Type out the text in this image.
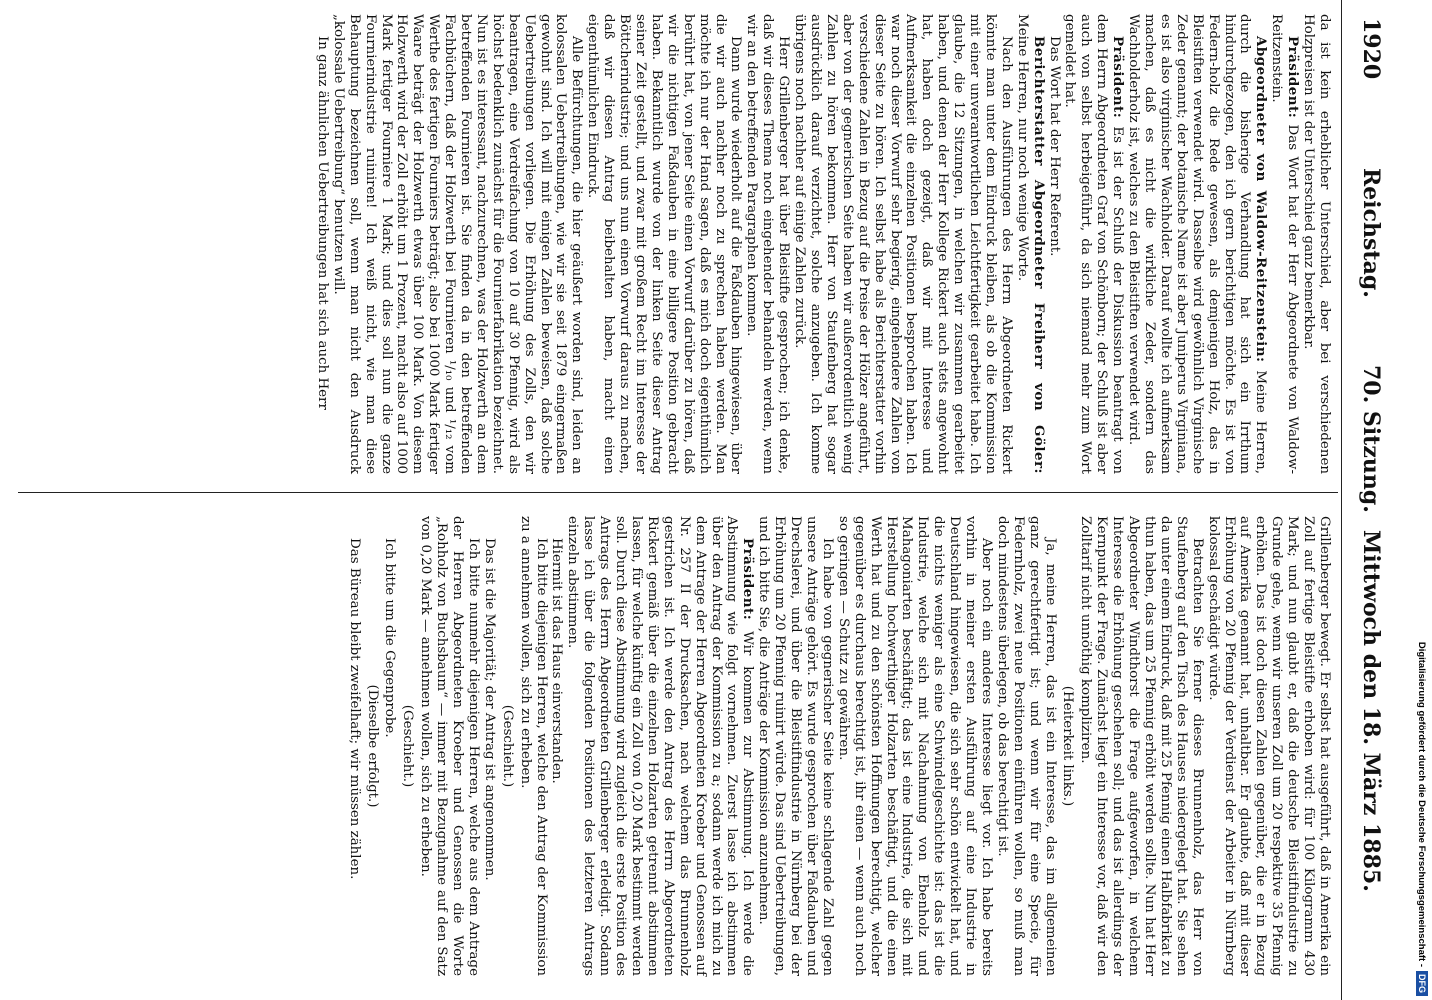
1920
Reichstag.
70. Sitzung.
Mittwoch den 18. März 1885.

da ist kein erheblicher Unterschied, aber bei verschiedenen Holzpreisen ist der Unterschied ganz bemerkbar.

Präsident: Das Wort hat der Herr Abgeordnete von Waldow-Reitzenstein.

Abgeordneter von Waldow-Reitzenstein: Meine Herren, durch die bisherige Verhandlung hat sich ein Irrthum hindurchgezogen, den ich gern berichtigen möchte. Es ist von Federn-holz die Rede gewesen, als demjenigen Holz, das in Bleistiften verwendet wird. Dasselbe wird gewöhnlich Virginische Zeder genannt; der botanische Name ist aber Juniperus Virginiana, es ist also virginischer Wachholder. Darauf wollte ich aufmerksam machen, daß es nicht die wirkliche Zeder, sondern das Wachholderholz ist, welches zu den Bleistiften verwendet wird.

Präsident: Es ist der Schluß der Diskussion beantragt von dem Herrn Abgeordneten Graf von Schönborn; der Schluß ist aber auch von selbst herbeigeführt, da sich niemand mehr zum Wort gemeldet hat.

Das Wort hat der Herr Referent.

Berichterstatter Abgeordneter Freiherr von Göler: Meine Herren, nur noch wenige Worte.

Nach den Ausführungen des Herrn Abgeordneten Rickert könnte man unter dem Eindruck bleiben, als ob die Kommission mit einer unverantwortlichen Leichtfertigkeit gearbeitet habe. Ich glaube, die 12 Sitzungen, in welchen wir zusammen gearbeitet haben, und denen der Herr Kollege Rickert auch stets angewohnt hat, haben doch gezeigt, daß wir mit Interesse und Aufmerksamkeit die einzelnen Positionen besprochen haben. Ich war noch dieser Vorwurf sehr begierig, eingehendere Zahlen von dieser Seite zu hören. Ich selbst habe als Berichterstatter vorhin verschiedene Zahlen in Bezug auf die Preise der Hölzer angeführt, aber von der gegnerischen Seite haben wir außerordentlich wenig Zahlen zu hören bekommen. Herr von Staufenberg hat sogar ausdrücklich darauf verzichtet, solche anzugeben. Ich komme übrigens noch nachher auf einige Zahlen zurück.

Herr Grillenberger hat über Bleistifte gesprochen; ich denke, daß wir dieses Thema noch eingehender behandeln werden, wenn wir an den betreffenden Paragraphen kommen.

Dann wurde wiederholt auf die Faßdauben hingewiesen, über die wir auch nachher noch zu sprechen haben werden. Man möchte ich nur der Hand sagen, daß es mich doch eigenthümlich berührt hat, von jener Seite einen Vorwurf darüber zu hören, daß wir die nichtigen Faßdauben in eine billigere Position gebracht haben. Bekanntlich wurde von der linken Seite dieser Antrag seiner Zeit gestellt, und zwar mit großem Recht im Interesse der Böttcherindustrie; und uns nun einen Vorwurf daraus zu machen, daß wir diesen Antrag beibehalten haben, macht einen eigenthümlichen Eindruck.

Alle Befürchtungen, die hier geäußert worden sind, leiden an kolossalen Uebertreibungen, wie wir sie seit 1879 eingermaßen gewohnt sind. Ich will mit einigen Zahlen beweisen, daß solche Uebertreibungen vorliegen. Die Erhöhung des Zolls, den wir beantragen, eine Verdreifachung von 10 auf 30 Pfennig, wird als höchst bedenklich zunächst für die Fournierfabrikation bezeichnet. Nun ist es interessant, nachzurechnen, was der Holzwerth an dem betreffenden Fournieren ist. Sie finden da in den betreffenden Fachbüchern, daß der Holzwerth bei Fournieren ¹/₁₀ und ¹/₁₂ vom Werthe des fertigen Fourniers beträgt; also bei 1000 Mark fertiger Waare beträgt der Holzwerth etwas über 100 Mark. Von diesem Holzwerth wird der Zoll erhöht um 1 Prozent, macht also auf 1000 Mark fertiger Fourniere 1 Mark; und dies soll nun die ganze Fournierindustrie ruiniren! Ich weiß nicht, wie man diese Behauptung bezeichnen soll, wenn man nicht den Ausdruck „kolossale Uebertreibung“ benutzen will.

In ganz ähnlichen Uebertreibungen hat sich auch Herr

Grillenberger bewegt. Er selbst hat ausgeführt, daß in Amerika ein Zoll auf fertige Bleistifte erhoben wird: für 100 Kilogramm 430 Mark; und nun glaubt er, daß die deutsche Bleistiftindustrie zu Grunde gehe, wenn wir unseren Zoll um 20 respektive 35 Pfennig erhöhen. Das ist doch diesen Zahlen gegenüber, die er in Bezug auf Amerika genannt hat, unhaltbar. Er glaubte, daß mit dieser Erhöhung von 20 Pfennig der Verdienst der Arbeiter in Nürnberg kolossal geschädigt würde.

Betrachten Sie ferner dieses Brunnenholz, das Herr von Staufenberg auf den Tisch des Hauses niedergelegt hat. Sie sehen da unter einem Eindruck, daß mit 25 Pfennig einen Halbfabrikat zu thun haben, das um 25 Pfennig erhöht werden sollte. Nun hat Herr Abgeordneter Windthorst die Frage aufgeworfen, in welchem Interesse die Erhöhung geschehen soll; und das ist allerdings der Kernpunkt der Frage. Zunächst liegt ein Interesse vor, daß wir den Zolltarif nicht unnöthig kompliziren.

(Heiterkeit links.)

Ja, meine Herren, das ist ein Interesse, das im allgemeinen ganz gerechtfertigt ist; und wenn wir für eine Specie, für Federnholz, zwei neue Positionen einführen wollen, so muß man doch mindestens überlegen, ob das berechtigt ist.

Aber noch ein anderes Interesse liegt vor. Ich habe bereits vorhin in meiner ersten Ausführung auf eine Industrie in Deutschland hingewiesen, die sich sehr schön entwickelt hat, und die nichts weniger als eine Schwindelgeschichte ist: das ist die Industrie, welche sich mit Nachahmung von Ebenholz und Mahagoniarten beschäftigt; das ist eine Industrie, die sich mit Herstellung hochwerthiger Holzarten beschäftigt, und die einen Werth hat und zu den schönsten Hoffnungen berechtigt, welcher gegenüber es durchaus berechtigt ist, ihr einen — wenn auch noch so geringen — Schutz zu gewähren.

Ich habe von gegnerischer Seite keine schlagende Zahl gegen unsere Anträge gehört. Es wurde gesprochen über Faßdauben und Drechslerei, und über die Bleistiftindustrie in Nürnberg bei der Erhöhung um 20 Pfennig ruinirt würde. Das sind Uebertreibungen, und ich bitte Sie, die Anträge der Kommission anzunehmen.

Präsident: Wir kommen zur Abstimmung. Ich werde die Abstimmung wie folgt vornehmen. Zuerst lasse ich abstimmen über den Antrag der Kommission zu a; sodann werde ich mich zu dem Antrage der Herren Abgeordneten Kroeber und Genossen auf Nr. 257 II der Drucksachen, nach welchem das Brunnenholz gestrichen ist. Ich werde den Antrag des Herrn Abgeordneten Rickert gemäß über die einzelnen Holzarten getrennt abstimmen lassen, für welche künftig ein Zoll von 0,20 Mark bestimmt werden soll. Durch diese Abstimmung wird zugleich die erste Position des Antrags des Herrn Abgeordneten Grillenberger erledigt. Sodann lasse ich über die folgenden Positionen des letzteren Antrags einzeln abstimmen.

Hiermit ist das Haus einverstanden.

Ich bitte diejenigen Herren, welche den Antrag der Kommission zu a annehmen wollen, sich zu erheben.

(Geschieht.)

Das ist die Majorität; der Antrag ist angenommen.

Ich bitte nunmehr diejenigen Herren, welche aus dem Antrage der Herren Abgeordneten Kroeber und Genossen die Worte „Rohholz von Buchsbaum“ — immer mit Bezugnahme auf den Satz von 0,20 Mark — annehmen wollen, sich zu erheben.

(Geschieht.)

Ich bitte um die Gegenprobe.

(Dieselbe erfolgt.)

Das Büreau bleibt zweifelhaft; wir müssen zählen.	Digitalisierung gefördert durch die Deutsche Forschungsgemeinschaft -
DFG
